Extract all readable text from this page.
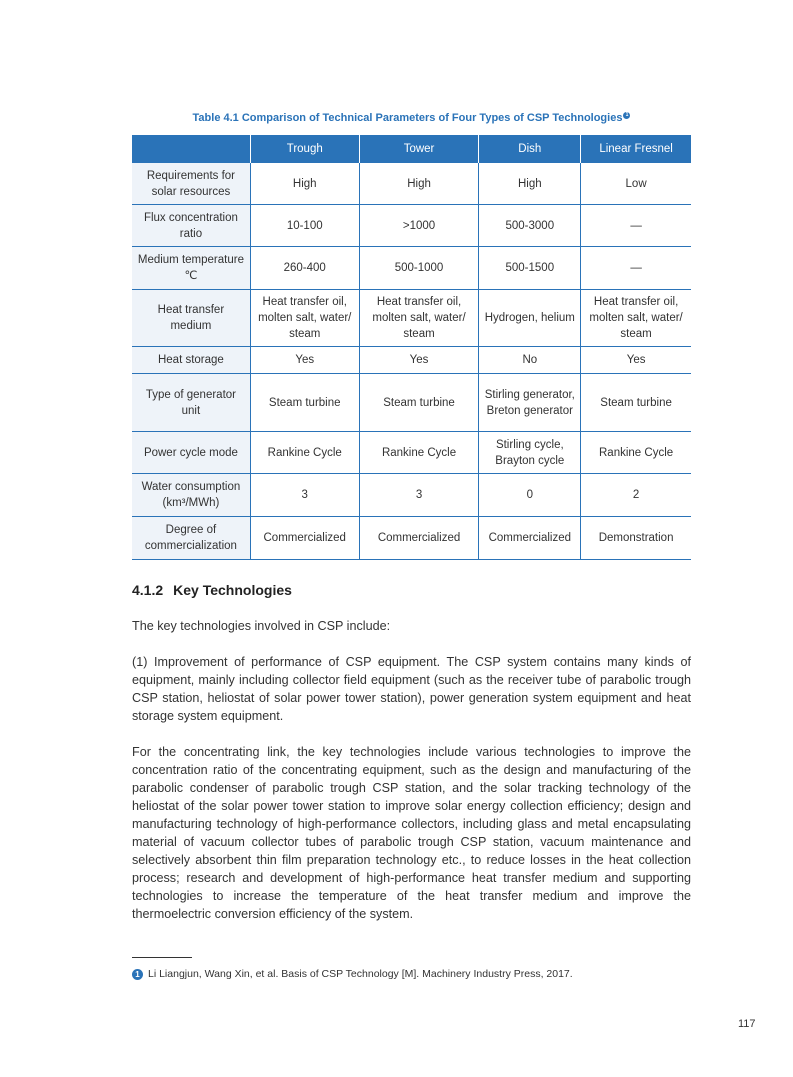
Table 4.1 Comparison of Technical Parameters of Four Types of CSP Technologies 1
	Trough	Tower	Dish	Linear Fresnel
Requirements for solar resources	High	High	High	Low
Flux concentration ratio	10-100	>1000	500-3000	—
Medium temperature ℃	260-400	500-1000	500-1500	—
Heat transfer medium	Heat transfer oil, molten salt, water/ steam	Heat transfer oil, molten salt, water/ steam	Hydrogen, helium	Heat transfer oil, molten salt, water/ steam
Heat storage	Yes	Yes	No	Yes
Type of generator unit	Steam turbine	Steam turbine	Stirling generator, Breton generator	Steam turbine
Power cycle mode	Rankine Cycle	Rankine Cycle	Stirling cycle, Brayton cycle	Rankine Cycle
Water consumption (km³/MWh)	3	3	0	2
Degree of commercialization	Commercialized	Commercialized	Commercialized	Demonstration
4.1.2 Key Technologies
The key technologies involved in CSP include:
(1) Improvement of performance of CSP equipment. The CSP system contains many kinds of equipment, mainly including collector field equipment (such as the receiver tube of parabolic trough CSP station, heliostat of solar power tower station), power generation system equipment and heat storage system equipment.
For the concentrating link, the key technologies include various technologies to improve the concentration ratio of the concentrating equipment, such as the design and manufacturing of the parabolic condenser of parabolic trough CSP station, and the solar tracking technology of the heliostat of the solar power tower station to improve solar energy collection efficiency; design and manufacturing technology of high-performance collectors, including glass and metal encapsulating material of vacuum collector tubes of parabolic trough CSP station, vacuum maintenance and selectively absorbent thin film preparation technology etc., to reduce losses in the heat collection process; research and development of high-performance heat transfer medium and supporting technologies to increase the temperature of the heat transfer medium and improve the thermoelectric conversion efficiency of the system.
1 Li Liangjun, Wang Xin, et al. Basis of CSP Technology [M]. Machinery Industry Press, 2017.
117
